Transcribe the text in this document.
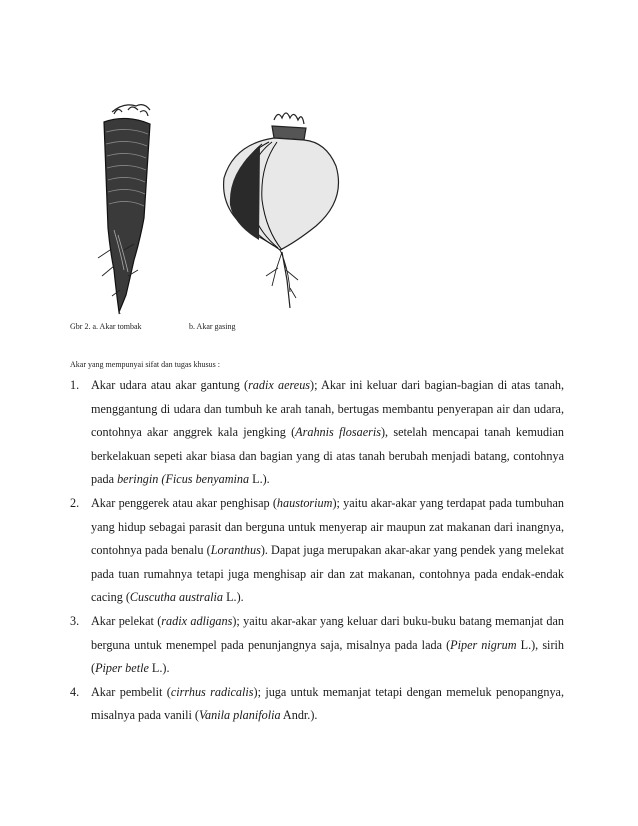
Gbr 2. a. Akar tombak	b. Akar gasing
Akar yang mempunyai sifat dan tugas khusus :
1. Akar udara atau akar gantung (radix aereus); Akar ini keluar dari bagian-bagian di atas tanah, menggantung di udara dan tumbuh ke arah tanah, bertugas membantu penyerapan air dan udara, contohnya akar anggrek kala jengking (Arahnis flosaeris), setelah mencapai tanah kemudian berkelakuan sepeti akar biasa dan bagian yang di atas tanah berubah menjadi batang, contohnya pada beringin (Ficus benyamina L.).
2. Akar penggerek atau akar penghisap (haustorium); yaitu akar-akar yang terdapat pada tumbuhan yang hidup sebagai parasit dan berguna untuk menyerap air maupun zat makanan dari inangnya, contohnya pada benalu (Loranthus). Dapat juga merupakan akar-akar yang pendek yang melekat pada tuan rumahnya tetapi juga menghisap air dan zat makanan, contohnya pada endak-endak cacing (Cuscutha australia L.).
3. Akar pelekat (radix adligans); yaitu akar-akar yang keluar dari buku-buku batang memanjat dan berguna untuk menempel pada penunjangnya saja, misalnya pada lada (Piper nigrum L.), sirih (Piper betle L.).
4. Akar pembelit (cirrhus radicalis); juga untuk memanjat tetapi dengan memeluk penopangnya, misalnya pada vanili (Vanila planifolia Andr.).
